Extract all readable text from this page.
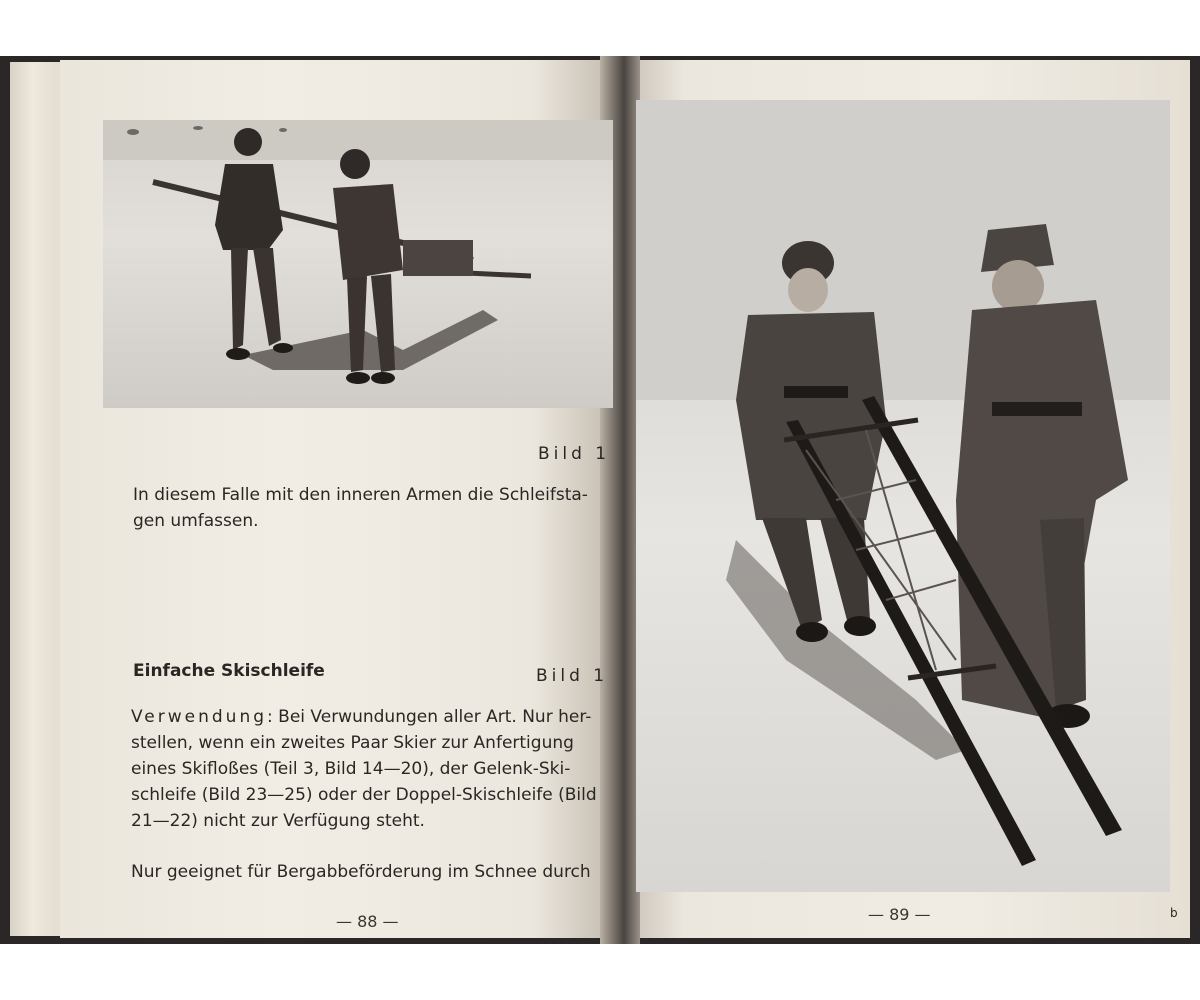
Bild 1
In diesem Falle mit den inneren Armen die Schleifsta-
gen umfassen.
Einfache Skischleife	Bild 1
Verwendung: Bei Verwundungen aller Art. Nur her-
stellen, wenn ein zweites Paar Skier zur Anfertigung
eines Skifloßes (Teil 3, Bild 14—20), der Gelenk-Ski-
schleife (Bild 23—25) oder der Doppel-Skischleife (Bild
21—22) nicht zur Verfügung steht.
Nur geeignet für Bergabbeförderung im Schnee durch
— 88 —	— 89 —	b
